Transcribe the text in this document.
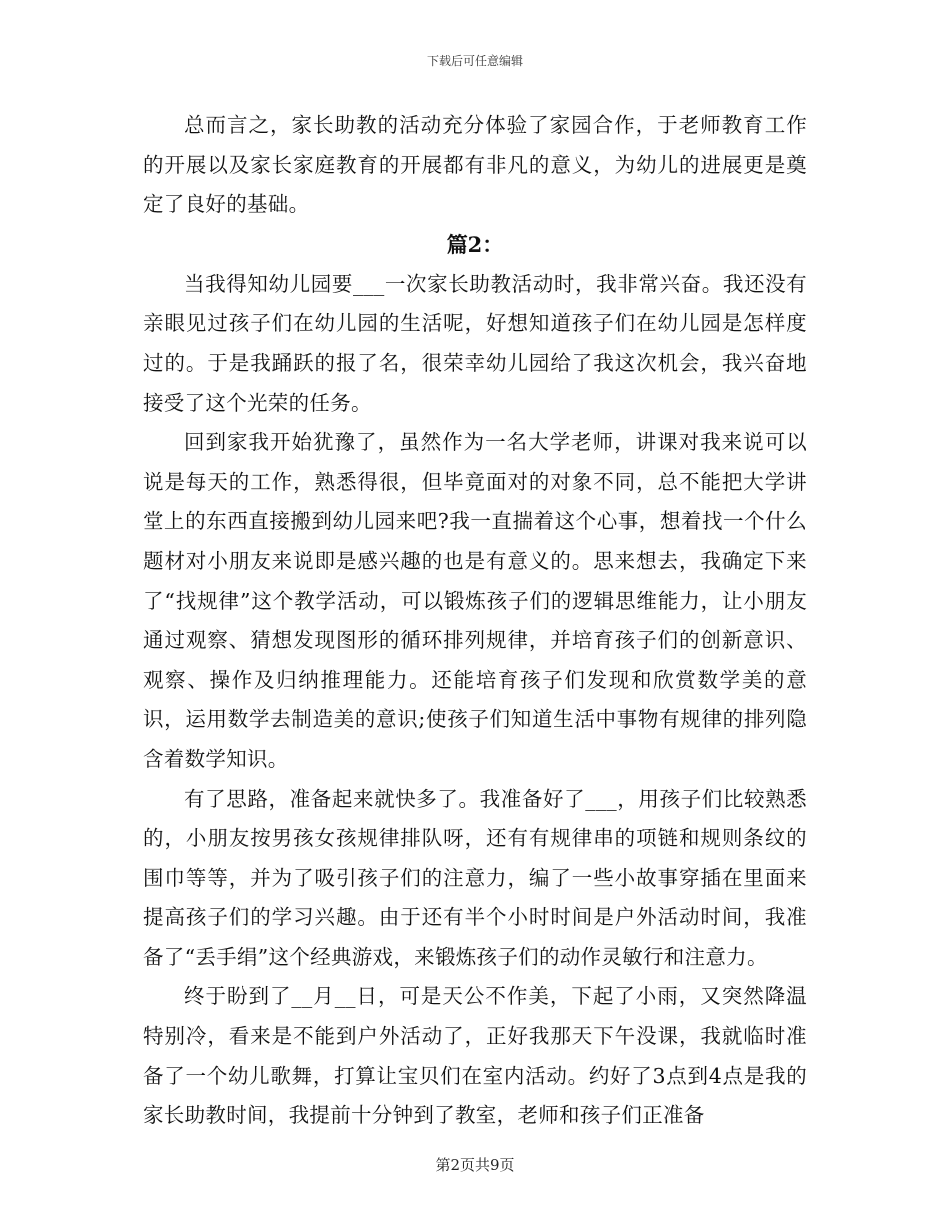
下载后可任意编辑

总而言之，家长助教的活动充分体验了家园合作，于老师教育工作的开展以及家长家庭教育的开展都有非凡的意义，为幼儿的进展更是奠定了良好的基础。

篇2：

当我得知幼儿园要___一次家长助教活动时，我非常兴奋。我还没有亲眼见过孩子们在幼儿园的生活呢，好想知道孩子们在幼儿园是怎样度过的。于是我踊跃的报了名，很荣幸幼儿园给了我这次机会，我兴奋地接受了这个光荣的任务。

回到家我开始犹豫了，虽然作为一名大学老师，讲课对我来说可以说是每天的工作，熟悉得很，但毕竟面对的对象不同，总不能把大学讲堂上的东西直接搬到幼儿园来吧?我一直揣着这个心事，想着找一个什么题材对小朋友来说即是感兴趣的也是有意义的。思来想去，我确定下来了“找规律”这个教学活动，可以锻炼孩子们的逻辑思维能力，让小朋友通过观察、猜想发现图形的循环排列规律，并培育孩子们的创新意识、观察、操作及归纳推理能力。还能培育孩子们发现和欣赏数学美的意识，运用数学去制造美的意识;使孩子们知道生活中事物有规律的排列隐含着数学知识。

有了思路，准备起来就快多了。我准备好了___，用孩子们比较熟悉的，小朋友按男孩女孩规律排队呀，还有有规律串的项链和规则条纹的围巾等等，并为了吸引孩子们的注意力，编了一些小故事穿插在里面来提高孩子们的学习兴趣。由于还有半个小时时间是户外活动时间，我准备了“丢手绢”这个经典游戏，来锻炼孩子们的动作灵敏行和注意力。

终于盼到了__月__日，可是天公不作美，下起了小雨，又突然降温特别冷，看来是不能到户外活动了，正好我那天下午没课，我就临时准备了一个幼儿歌舞，打算让宝贝们在室内活动。约好了3点到4点是我的家长助教时间，我提前十分钟到了教室，老师和孩子们正准备

第2页共9页
